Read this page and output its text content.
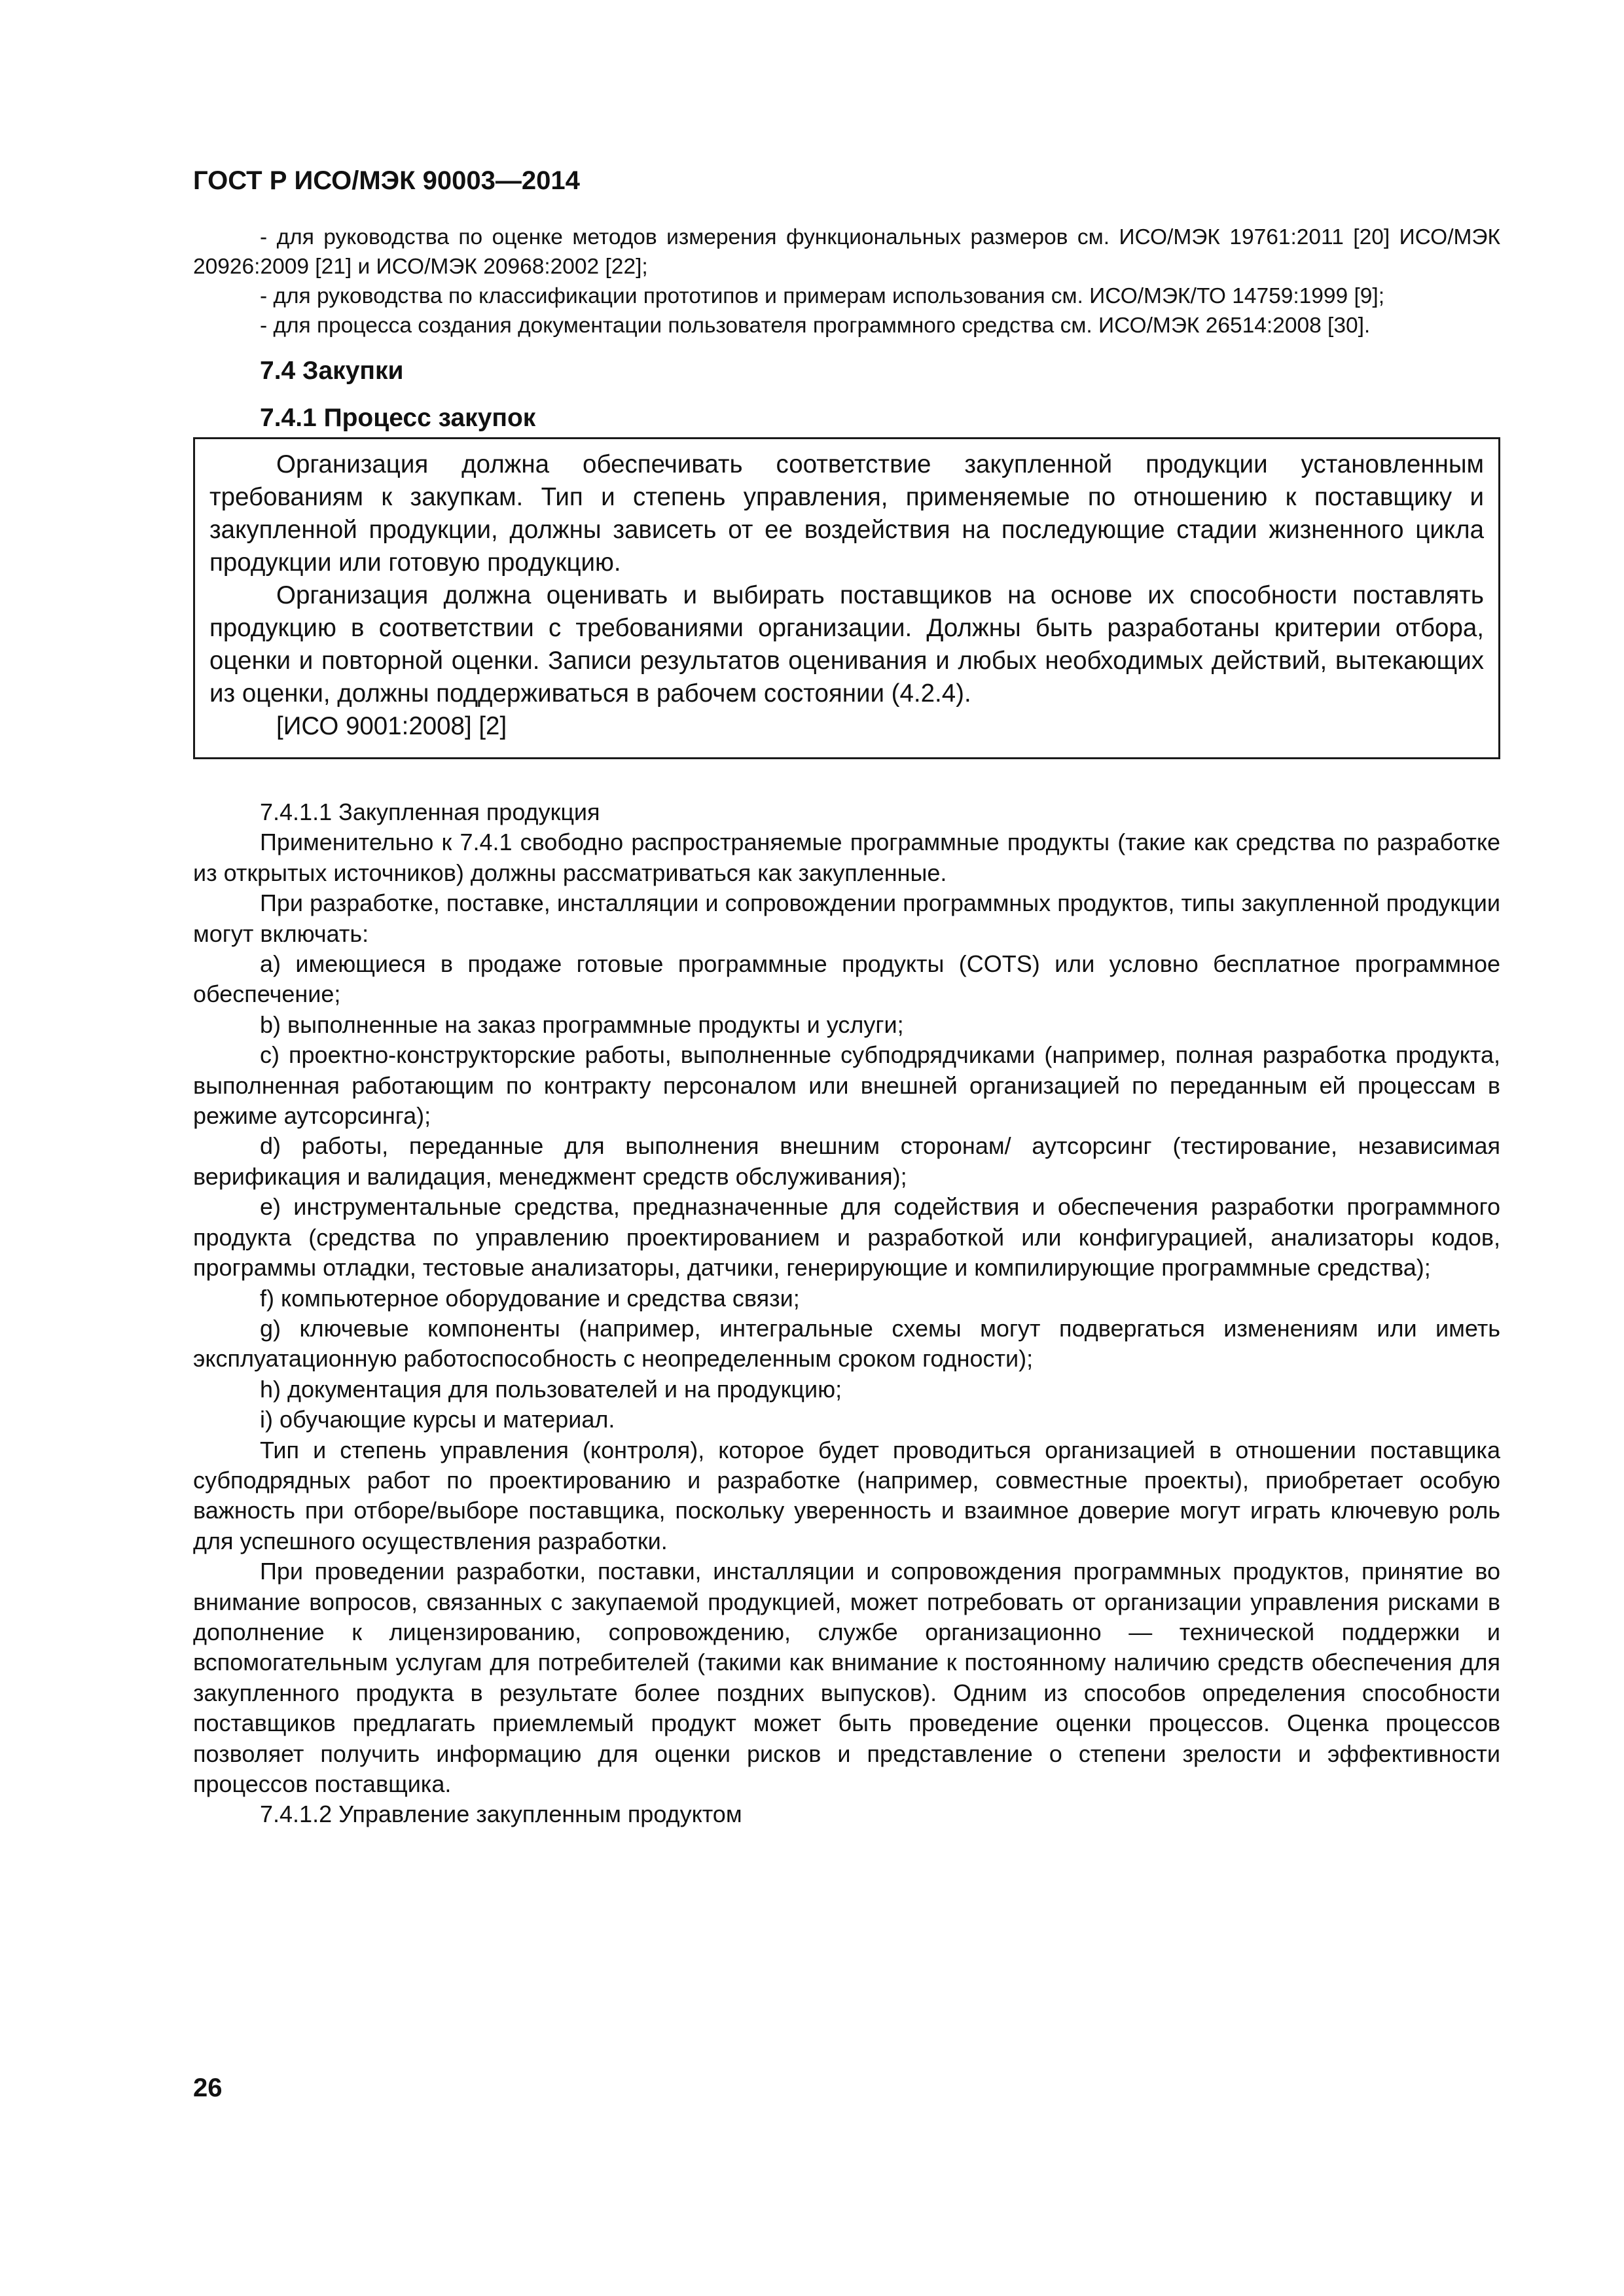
ГОСТ Р ИСО/МЭК 90003—2014

- для руководства по оценке методов измерения функциональных размеров см. ИСО/МЭК 19761:2011 [20] ИСО/МЭК 20926:2009 [21] и ИСО/МЭК 20968:2002 [22];

- для руководства по классификации прототипов и примерам использования см. ИСО/МЭК/ТО 14759:1999 [9];

- для процесса создания документации пользователя программного средства см. ИСО/МЭК 26514:2008 [30].

7.4 Закупки

7.4.1 Процесс закупок

Организация должна обеспечивать соответствие закупленной продукции установленным требованиям к закупкам. Тип и степень управления, применяемые по отношению к поставщику и закупленной продукции, должны зависеть от ее воздействия на последующие стадии жизненного цикла продукции или готовую продукцию.

Организация должна оценивать и выбирать поставщиков на основе их способности поставлять продукцию в соответствии с требованиями организации. Должны быть разработаны критерии отбора, оценки и повторной оценки. Записи результатов оценивания и любых необходимых действий, вытекающих из оценки, должны поддерживаться в рабочем состоянии (4.2.4).

[ИСО 9001:2008] [2]

7.4.1.1 Закупленная продукция

Применительно к 7.4.1 свободно распространяемые программные продукты (такие как средства по разработке из открытых источников) должны рассматриваться как закупленные.

При разработке, поставке, инсталляции и сопровождении программных продуктов, типы закупленной продукции могут включать:

a) имеющиеся в продаже готовые программные продукты (COTS) или условно бесплатное программное обеспечение;

b) выполненные на заказ программные продукты и услуги;

c) проектно-конструкторские работы, выполненные субподрядчиками (например, полная разработка продукта, выполненная работающим по контракту персоналом или внешней организацией по переданным ей процессам в режиме аутсорсинга);

d) работы, переданные для выполнения внешним сторонам/ аутсорсинг (тестирование, независимая верификация и валидация, менеджмент средств обслуживания);

e) инструментальные средства, предназначенные для содействия и обеспечения разработки программного продукта (средства по управлению проектированием и разработкой или конфигурацией, анализаторы кодов, программы отладки, тестовые анализаторы, датчики, генерирующие и компилирующие программные средства);

f) компьютерное оборудование и средства связи;

g) ключевые компоненты (например, интегральные схемы могут подвергаться изменениям или иметь эксплуатационную работоспособность с неопределенным сроком годности);

h) документация для пользователей и на продукцию;

i) обучающие курсы и материал.

Тип и степень управления (контроля), которое будет проводиться организацией в отношении поставщика субподрядных работ по проектированию и разработке (например, совместные проекты), приобретает особую важность при отборе/выборе поставщика, поскольку уверенность и взаимное доверие могут играть ключевую роль для успешного осуществления разработки.

При проведении разработки, поставки, инсталляции и сопровождения программных продуктов, принятие во внимание вопросов, связанных с закупаемой продукцией, может потребовать от организации управления рисками в дополнение к лицензированию, сопровождению, службе организационно — технической поддержки и вспомогательным услугам для потребителей (такими как внимание к постоянному наличию средств обеспечения для закупленного продукта в результате более поздних выпусков). Одним из способов определения способности поставщиков предлагать приемлемый продукт может быть проведение оценки процессов. Оценка процессов позволяет получить информацию для оценки рисков и представление о степени зрелости и эффективности процессов поставщика.

7.4.1.2 Управление закупленным продуктом

26
